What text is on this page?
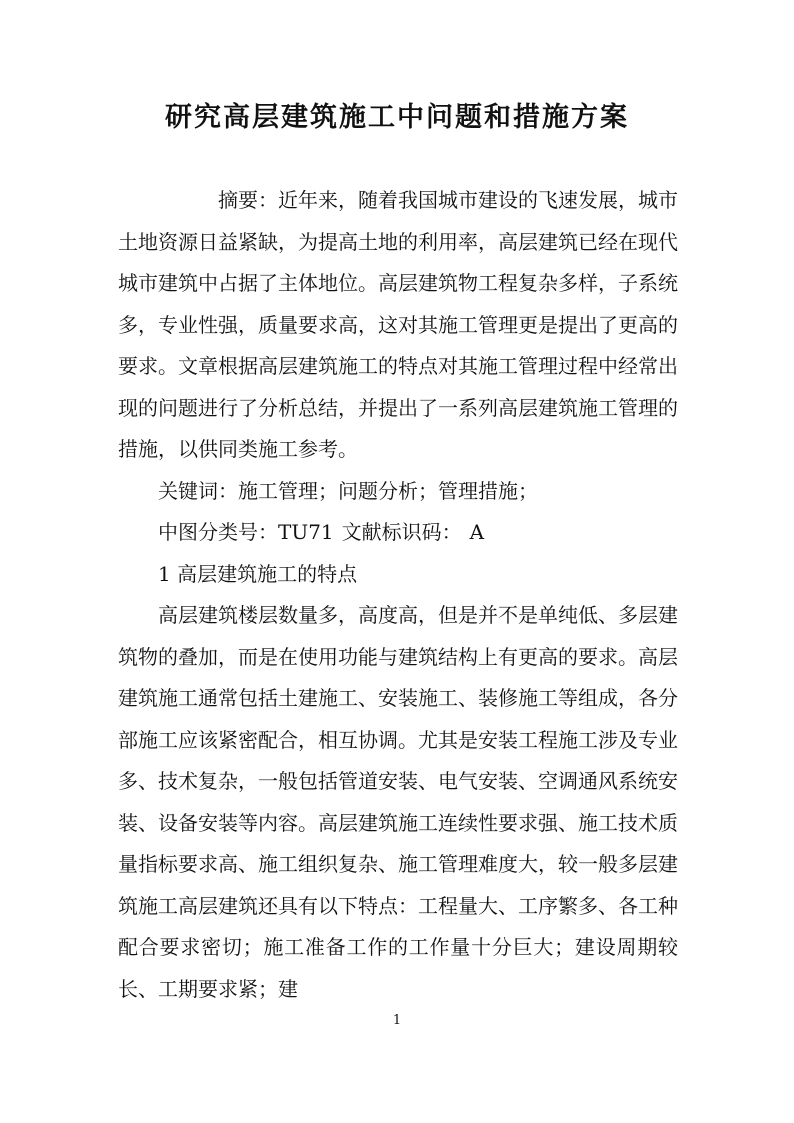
研究高层建筑施工中问题和措施方案

摘要：近年来，随着我国城市建设的飞速发展，城市土地资源日益紧缺，为提高土地的利用率，高层建筑已经在现代城市建筑中占据了主体地位。高层建筑物工程复杂多样，子系统多，专业性强，质量要求高，这对其施工管理更是提出了更高的要求。文章根据高层建筑施工的特点对其施工管理过程中经常出现的问题进行了分析总结，并提出了一系列高层建筑施工管理的措施，以供同类施工参考。

关键词：施工管理；问题分析；管理措施；

中图分类号：TU71 文献标识码： A

1 高层建筑施工的特点

高层建筑楼层数量多，高度高，但是并不是单纯低、多层建筑物的叠加，而是在使用功能与建筑结构上有更高的要求。高层建筑施工通常包括土建施工、安装施工、装修施工等组成，各分部施工应该紧密配合，相互协调。尤其是安装工程施工涉及专业多、技术复杂，一般包括管道安装、电气安装、空调通风系统安装、设备安装等内容。高层建筑施工连续性要求强、施工技术质量指标要求高、施工组织复杂、施工管理难度大，较一般多层建筑施工高层建筑还具有以下特点：工程量大、工序繁多、各工种配合要求密切；施工准备工作的工作量十分巨大；建设周期较长、工期要求紧；建

1
